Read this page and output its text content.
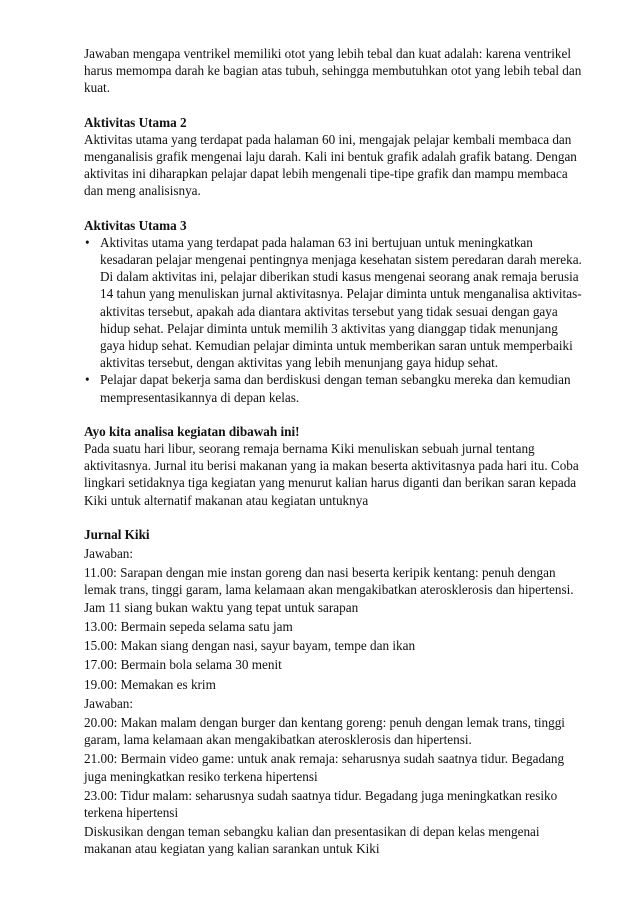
Jawaban mengapa ventrikel memiliki otot yang lebih tebal dan kuat adalah: karena ventrikel harus memompa darah ke bagian atas tubuh, sehingga membutuhkan otot yang lebih tebal dan kuat.

Aktivitas Utama 2

Aktivitas utama yang terdapat pada halaman 60 ini, mengajak pelajar kembali membaca dan menganalisis grafik mengenai laju darah. Kali ini bentuk grafik adalah grafik batang. Dengan aktivitas ini diharapkan pelajar dapat lebih mengenali tipe-tipe grafik dan mampu membaca dan meng analisisnya.

Aktivitas Utama 3

• Aktivitas utama yang terdapat pada halaman 63 ini bertujuan untuk meningkatkan kesadaran pelajar mengenai pentingnya menjaga kesehatan sistem peredaran darah mereka. Di dalam aktivitas ini, pelajar diberikan studi kasus mengenai seorang anak remaja berusia 14 tahun yang menuliskan jurnal aktivitasnya. Pelajar diminta untuk menganalisa aktivitas-aktivitas tersebut, apakah ada diantara aktivitas tersebut yang tidak sesuai dengan gaya hidup sehat. Pelajar diminta untuk memilih 3 aktivitas yang dianggap tidak menunjang gaya hidup sehat. Kemudian pelajar diminta untuk memberikan saran untuk memperbaiki aktivitas tersebut, dengan aktivitas yang lebih menunjang gaya hidup sehat.
• Pelajar dapat bekerja sama dan berdiskusi dengan teman sebangku mereka dan kemudian mempresentasikannya di depan kelas.

Ayo kita analisa kegiatan dibawah ini!

Pada suatu hari libur, seorang remaja bernama Kiki menuliskan sebuah jurnal tentang aktivitasnya. Jurnal itu berisi makanan yang ia makan beserta aktivitasnya pada hari itu. Coba lingkari setidaknya tiga kegiatan yang menurut kalian harus diganti dan berikan saran kepada Kiki untuk alternatif makanan atau kegiatan untuknya

Jurnal Kiki

Jawaban:

11.00: Sarapan dengan mie instan goreng dan nasi beserta keripik kentang: penuh dengan lemak trans, tinggi garam, lama kelamaan akan mengakibatkan aterosklerosis dan hipertensi. Jam 11 siang bukan waktu yang tepat untuk sarapan

13.00: Bermain sepeda selama satu jam

15.00: Makan siang dengan nasi, sayur bayam, tempe dan ikan

17.00: Bermain bola selama 30 menit

19.00: Memakan es krim

Jawaban:

20.00: Makan malam dengan burger dan kentang goreng: penuh dengan lemak trans, tinggi garam, lama kelamaan akan mengakibatkan aterosklerosis dan hipertensi.

21.00: Bermain video game: untuk anak remaja: seharusnya sudah saatnya tidur. Begadang juga meningkatkan resiko terkena hipertensi

23.00: Tidur malam: seharusnya sudah saatnya tidur. Begadang juga meningkatkan resiko terkena hipertensi

Diskusikan dengan teman sebangku kalian dan presentasikan di depan kelas mengenai makanan atau kegiatan yang kalian sarankan untuk Kiki
